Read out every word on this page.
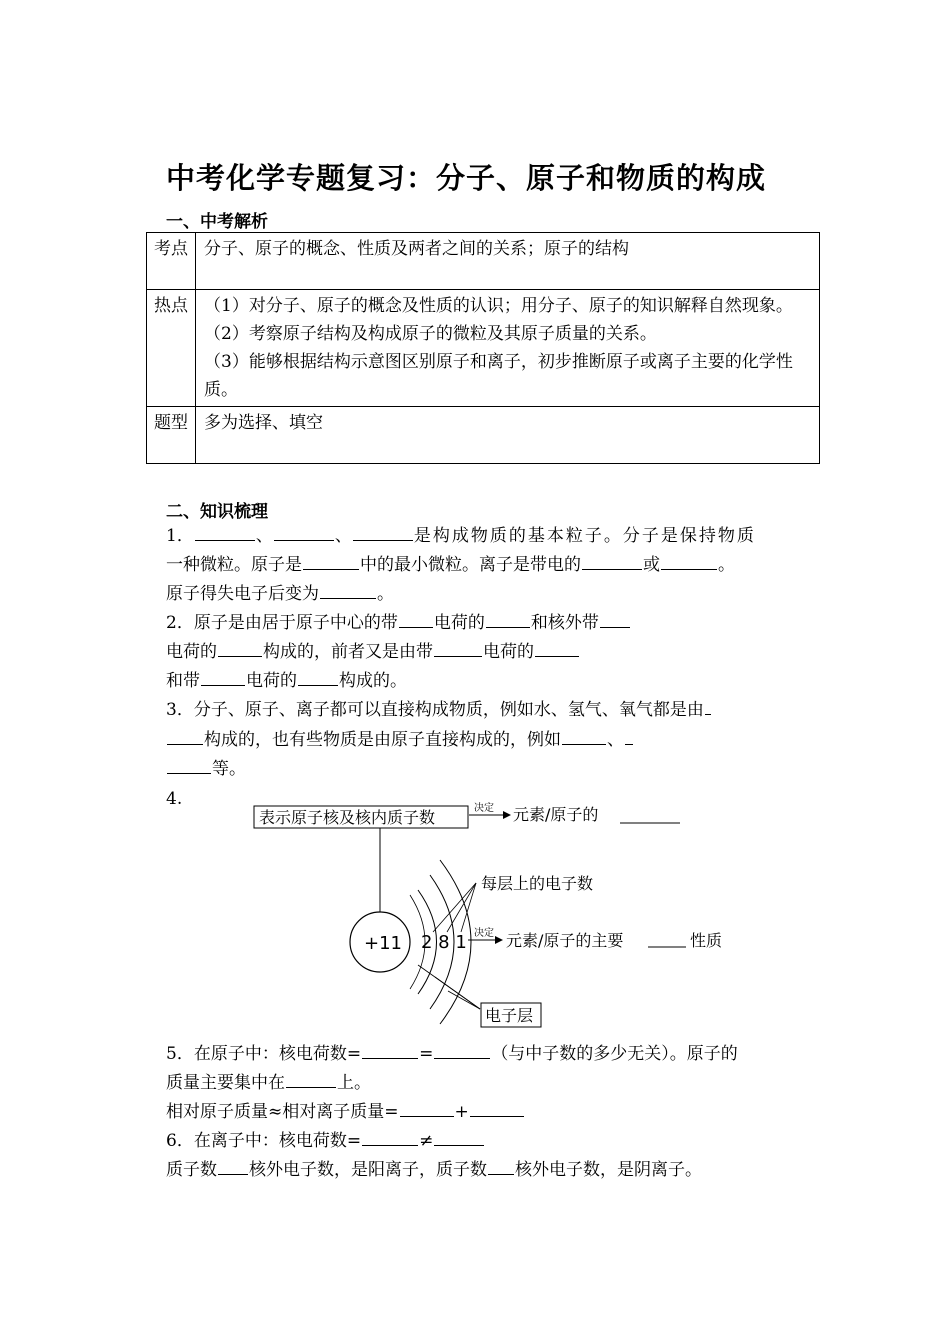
中考化学专题复习：分子、原子和物质的构成
一、中考解析
考点	分子、原子的概念、性质及两者之间的关系；原子的结构

热点	（1）对分子、原子的概念及性质的认识；用分子、原子的知识解释自然现象。
（2）考察原子结构及构成原子的微粒及其原子质量的关系。
（3）能够根据结构示意图区别原子和离子，初步推断原子或离子主要的化学性质。

题型	多为选择、填空
二、知识梳理
1．	、	、	是构成物质的基本粒子。分子是保持物质
一种微粒。原子是	中的最小微粒。离子是带电的	或	。
原子得失电子后变为	。
2．原子是由居于原子中心的带 电荷的	和核外带
电荷的	构成的，前者又是由带	电荷的
和带	电荷的 构成的。
3．分子、原子、离子都可以直接构成物质，例如水、氢气、氧气都是由
构成的，也有些物质是由原子直接构成的，例如	、
等。
4.
表示原子核及核内质子数	决定 元素/原子的
+11 2 8 1
每层上的电子数
决定 元素/原子的主要	性质
电子层
5．在原子中：核电荷数=	=	（与中子数的多少无关）。原子的
质量主要集中在	上。
相对原子质量≈相对离子质量=	+
6．在离子中：核电荷数=	≠
质子数 核外电子数，是阳离子，质子数 核外电子数，是阴离子。
